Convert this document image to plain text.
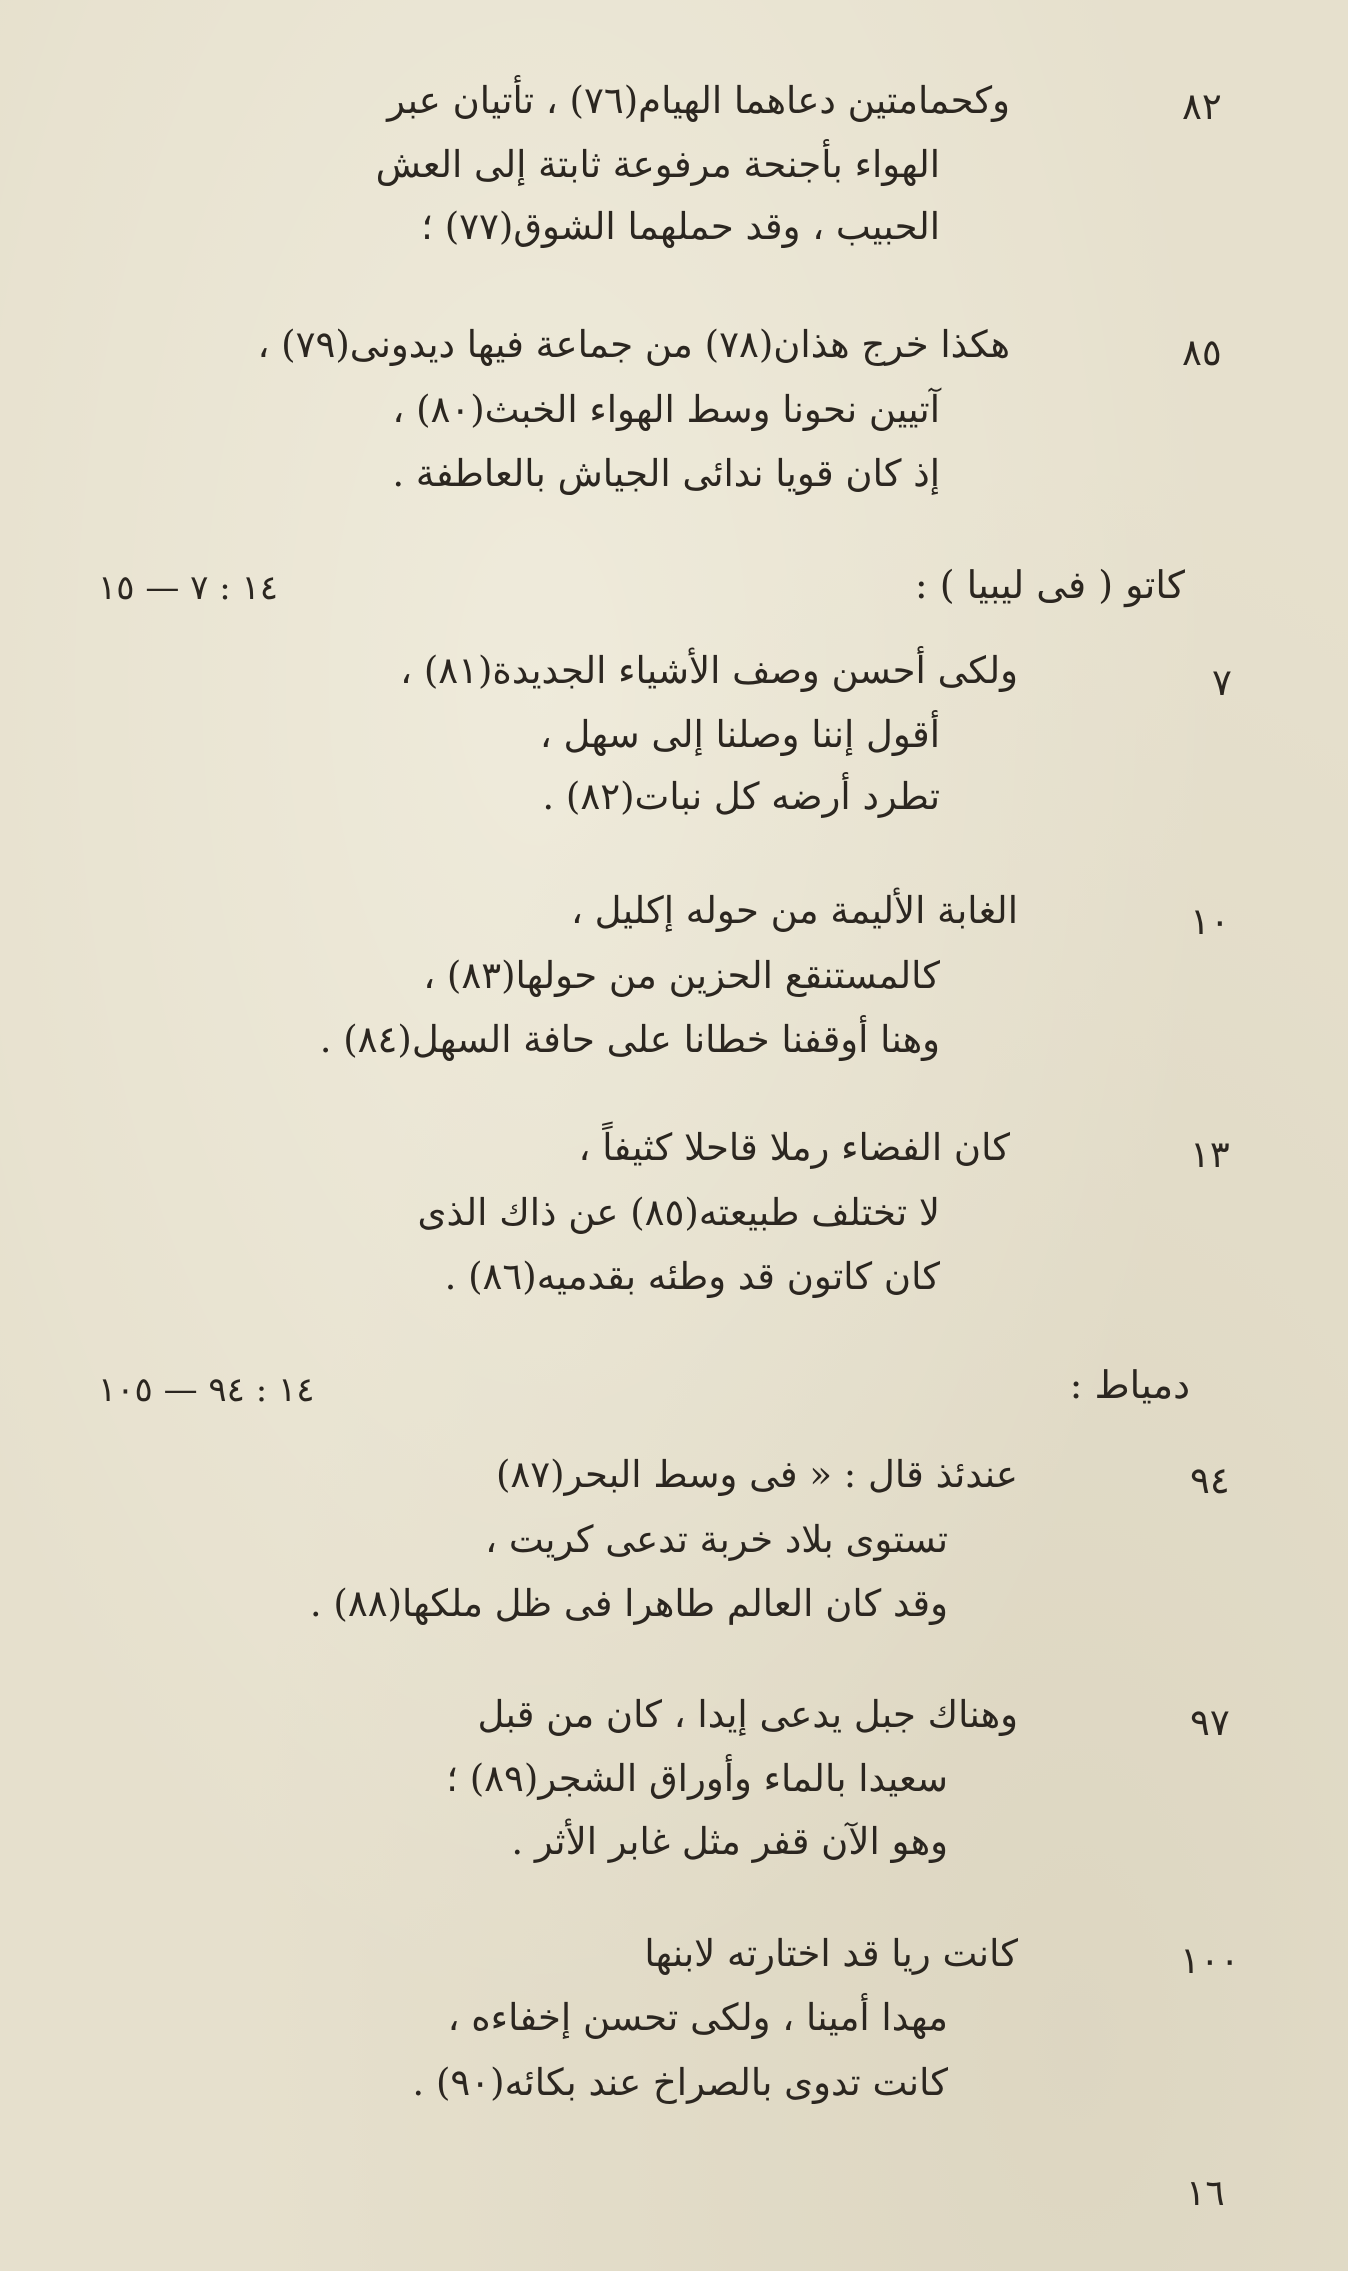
٨٢
وكحمامتين دعاهما الهيام(٧٦) ، تأتيان عبر
الهواء بأجنحة مرفوعة ثابتة إلى العش
الحبيب ، وقد حملهما الشوق(٧٧) ؛
٨٥
هكذا خرج هذان(٧٨) من جماعة فيها ديدونى(٧٩) ،
آتيين نحونا وسط الهواء الخبث(٨٠) ،
إذ كان قويا ندائى الجياش بالعاطفة .
كاتو ( فى ليبيا ) :
١٤ : ٧ — ١٥
٧
ولكى أحسن وصف الأشياء الجديدة(٨١) ،
أقول إننا وصلنا إلى سهل ،
تطرد أرضه كل نبات(٨٢) .
١٠
الغابة الأليمة من حوله إكليل ،
كالمستنقع الحزين من حولها(٨٣) ،
وهنا أوقفنا خطانا على حافة السهل(٨٤) .
١٣
كان الفضاء رملا قاحلا كثيفاً ،
لا تختلف طبيعته(٨٥) عن ذاك الذى
كان كاتون قد وطئه بقدميه(٨٦) .
دمياط :
١٤ : ٩٤ — ١٠٥
٩٤
عندئذ قال : « فى وسط البحر(٨٧)
تستوى بلاد خربة تدعى كريت ،
وقد كان العالم طاهرا فى ظل ملكها(٨٨) .
٩٧
وهناك جبل يدعى إيدا ، كان من قبل
سعيدا بالماء وأوراق الشجر(٨٩) ؛
وهو الآن قفر مثل غابر الأثر .
١٠٠
كانت ريا قد اختارته لابنها
مهدا أمينا ، ولكى تحسن إخفاءه ،
كانت تدوى بالصراخ عند بكائه(٩٠) .
١٦
